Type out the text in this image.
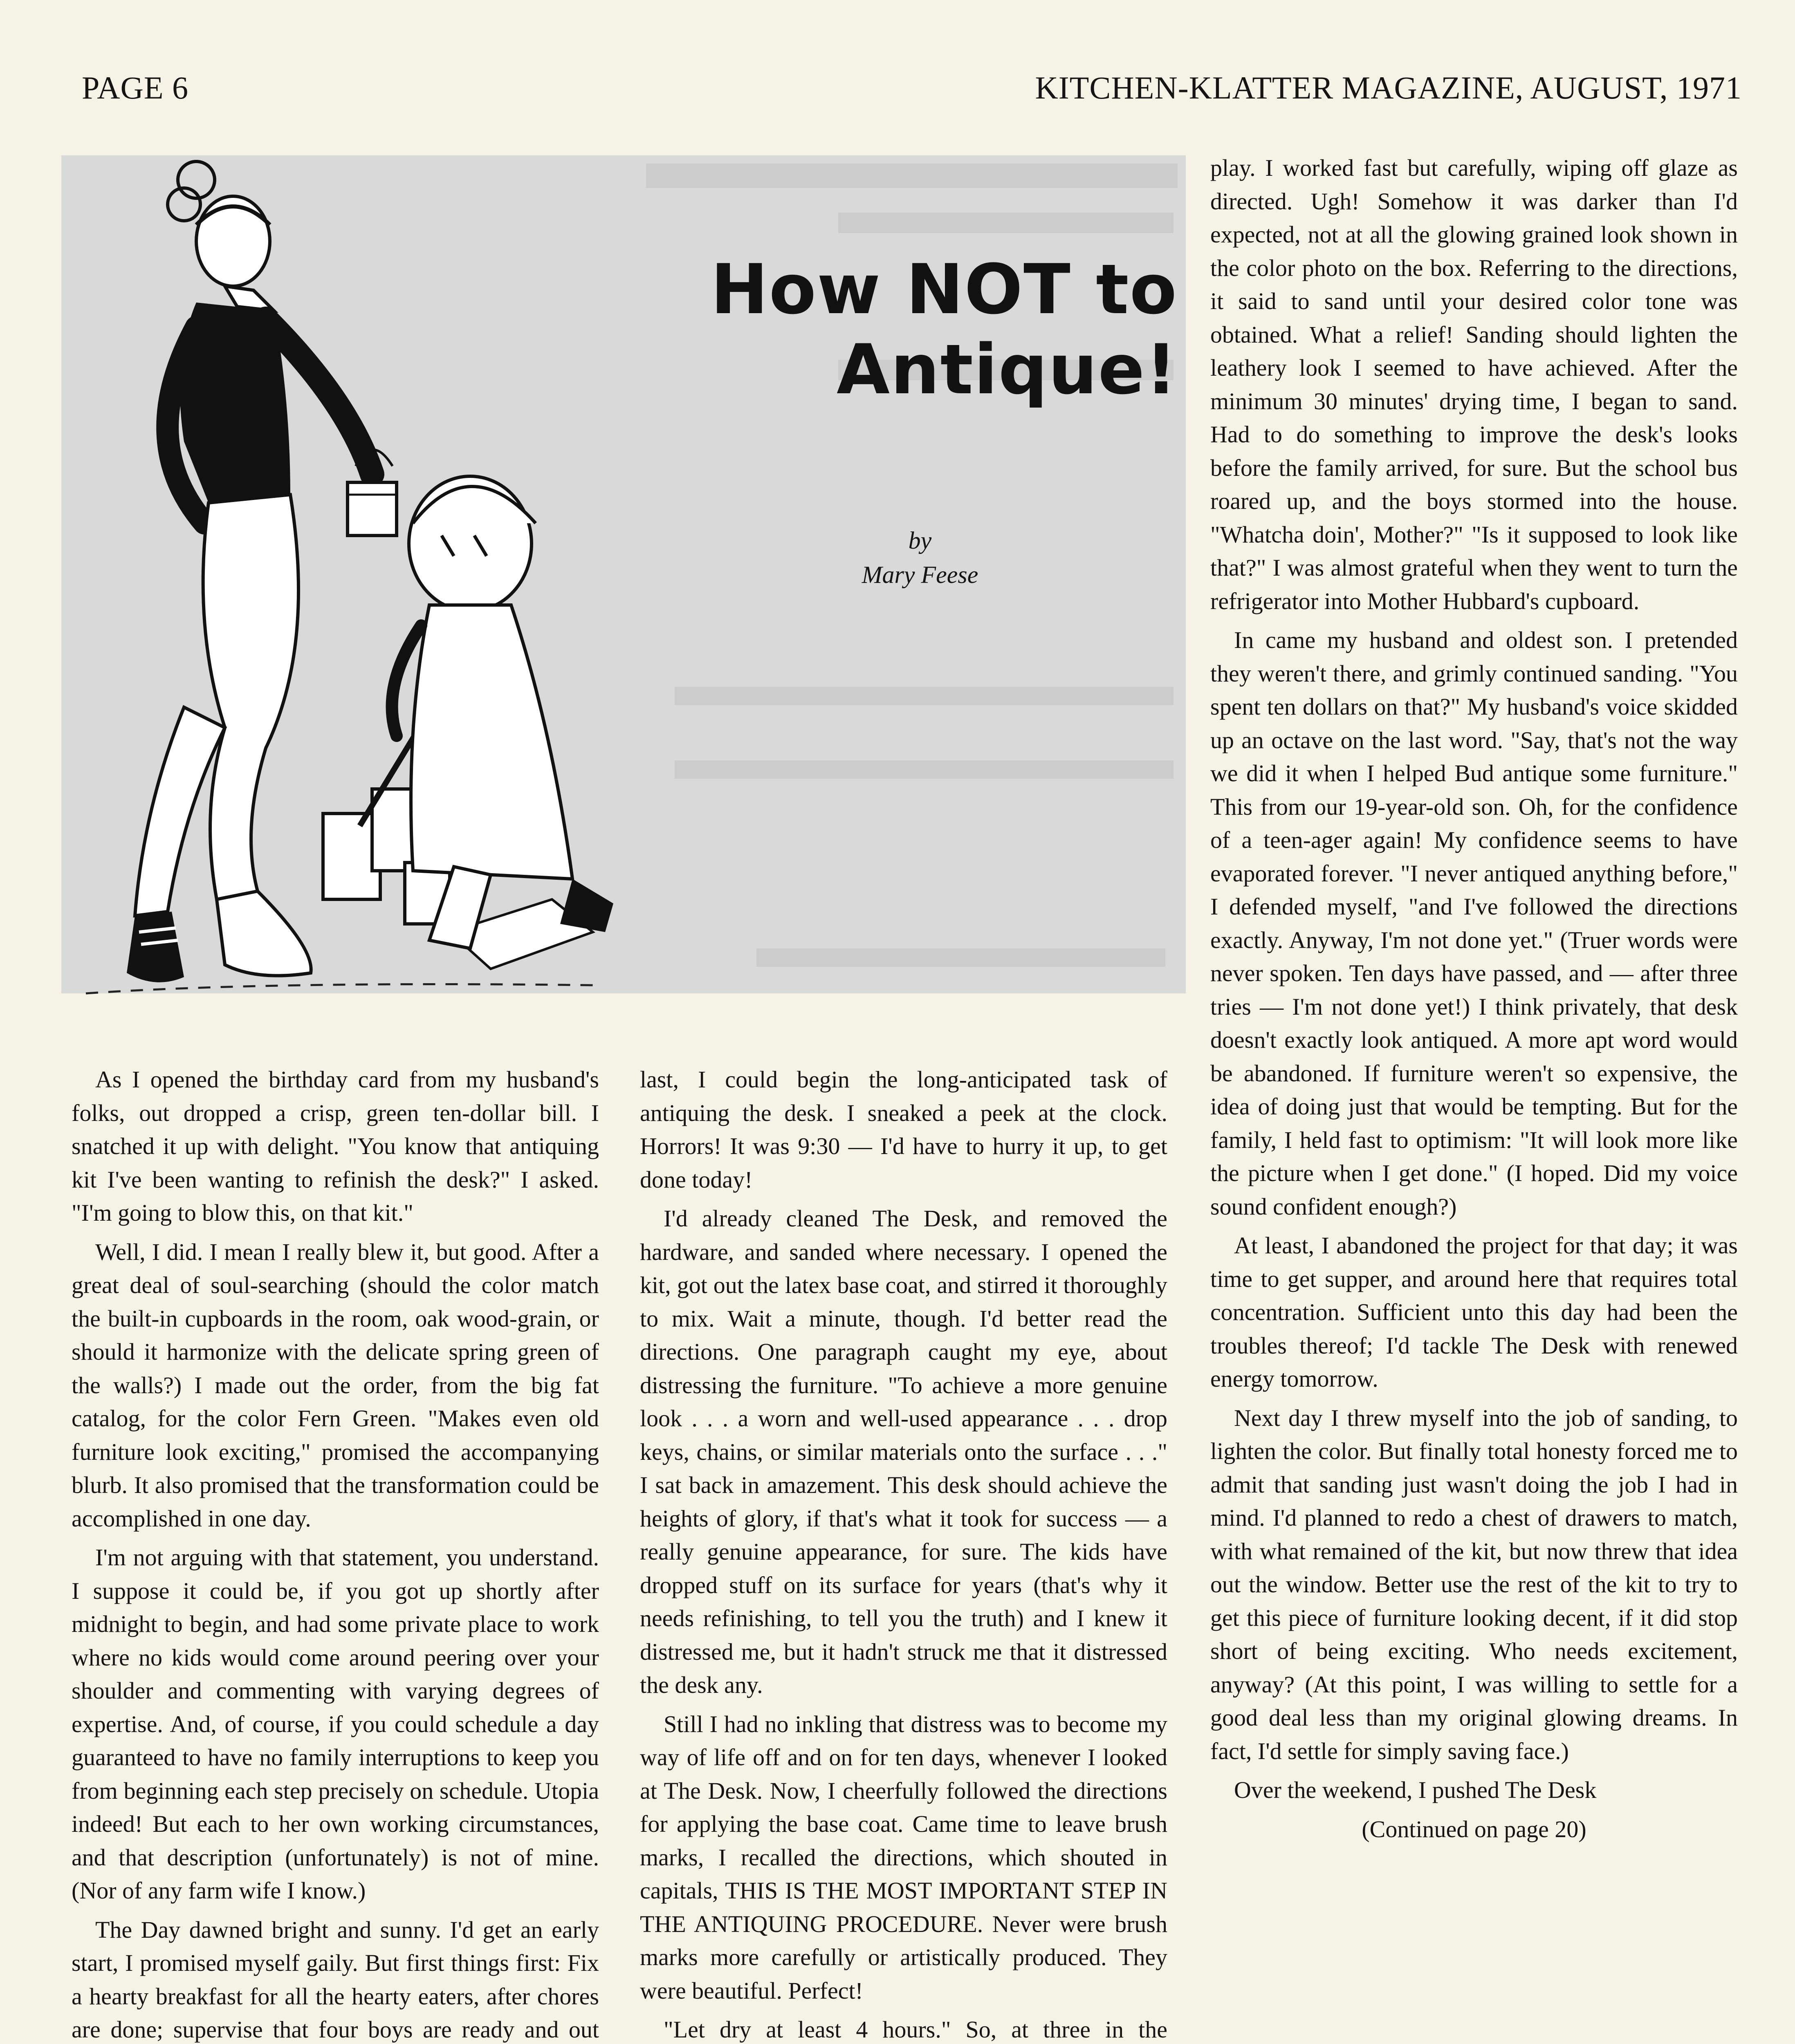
PAGE 6	KITCHEN-KLATTER MAGAZINE, AUGUST, 1971
How NOT to Antique!
by
Mary Feese

As I opened the birthday card from my husband's folks, out dropped a crisp, green ten-dollar bill. I snatched it up with delight. "You know that antiquing kit I've been wanting to refinish the desk?" I asked. "I'm going to blow this, on that kit."

Well, I did. I mean I really blew it, but good. After a great deal of soul-searching (should the color match the built-in cupboards in the room, oak wood-grain, or should it harmonize with the delicate spring green of the walls?) I made out the order, from the big fat catalog, for the color Fern Green. "Makes even old furniture look exciting," promised the accompanying blurb. It also promised that the transformation could be accomplished in one day.

I'm not arguing with that statement, you understand. I suppose it could be, if you got up shortly after midnight to begin, and had some private place to work where no kids would come around peering over your shoulder and commenting with varying degrees of expertise. And, of course, if you could schedule a day guaranteed to have no family interruptions to keep you from beginning each step precisely on schedule. Utopia indeed! But each to her own working circumstances, and that description (unfortunately) is not of mine. (Nor of any farm wife I know.)

The Day dawned bright and sunny. I'd get an early start, I promised myself gaily. But first things first: Fix a hearty breakfast for all the hearty eaters, after chores are done; supervise that four boys are ready and out

last, I could begin the long-anticipated task of antiquing the desk. I sneaked a peek at the clock. Horrors! It was 9:30 — I'd have to hurry it up, to get done today!

I'd already cleaned The Desk, and removed the hardware, and sanded where necessary. I opened the kit, got out the latex base coat, and stirred it thoroughly to mix. Wait a minute, though. I'd better read the directions. One paragraph caught my eye, about distressing the furniture. "To achieve a more genuine look . . . a worn and well-used appearance . . . drop keys, chains, or similar materials onto the surface . . ." I sat back in amazement. This desk should achieve the heights of glory, if that's what it took for success — a really genuine appearance, for sure. The kids have dropped stuff on its surface for years (that's why it needs refinishing, to tell you the truth) and I knew it distressed me, but it hadn't struck me that it distressed the desk any.

Still I had no inkling that distress was to become my way of life off and on for ten days, whenever I looked at The Desk. Now, I cheerfully followed the directions for applying the base coat. Came time to leave brush marks, I recalled the directions, which shouted in capitals, THIS IS THE MOST IMPORTANT STEP IN THE ANTIQUING PROCEDURE. Never were brush marks more carefully or artistically produced. They were beautiful. Perfect!

"Let dry at least 4 hours." So, at three in the

play. I worked fast but carefully, wiping off glaze as directed. Ugh! Somehow it was darker than I'd expected, not at all the glowing grained look shown in the color photo on the box. Referring to the directions, it said to sand until your desired color tone was obtained. What a relief! Sanding should lighten the leathery look I seemed to have achieved. After the minimum 30 minutes' drying time, I began to sand. Had to do something to improve the desk's looks before the family arrived, for sure. But the school bus roared up, and the boys stormed into the house. "Whatcha doin', Mother?" "Is it supposed to look like that?" I was almost grateful when they went to turn the refrigerator into Mother Hubbard's cupboard.

In came my husband and oldest son. I pretended they weren't there, and grimly continued sanding. "You spent ten dollars on that?" My husband's voice skidded up an octave on the last word. "Say, that's not the way we did it when I helped Bud antique some furniture." This from our 19-year-old son. Oh, for the confidence of a teen-ager again! My confidence seems to have evaporated forever. "I never antiqued anything before," I defended myself, "and I've followed the directions exactly. Anyway, I'm not done yet." (Truer words were never spoken. Ten days have passed, and — after three tries — I'm not done yet!) I think privately, that desk doesn't exactly look antiqued. A more apt word would be abandoned. If furniture weren't so expensive, the idea of doing just that would be tempting. But for the family, I held fast to optimism: "It will look more like the picture when I get done." (I hoped. Did my voice sound confident enough?)

At least, I abandoned the project for that day; it was time to get supper, and around here that requires total concentration. Sufficient unto this day had been the troubles thereof; I'd tackle The Desk with renewed energy tomorrow.

Next day I threw myself into the job of sanding, to lighten the color. But finally total honesty forced me to admit that sanding just wasn't doing the job I had in mind. I'd planned to redo a chest of drawers to match, with what remained of the kit, but now threw that idea out the window. Better use the rest of the kit to try to get this piece of furniture looking decent, if it did stop short of being exciting. Who needs excitement, anyway? (At this point, I was willing to settle for a good deal less than my original glowing dreams. In fact, I'd settle for simply saving face.)

Over the weekend, I pushed The Desk

(Continued on page 20)
